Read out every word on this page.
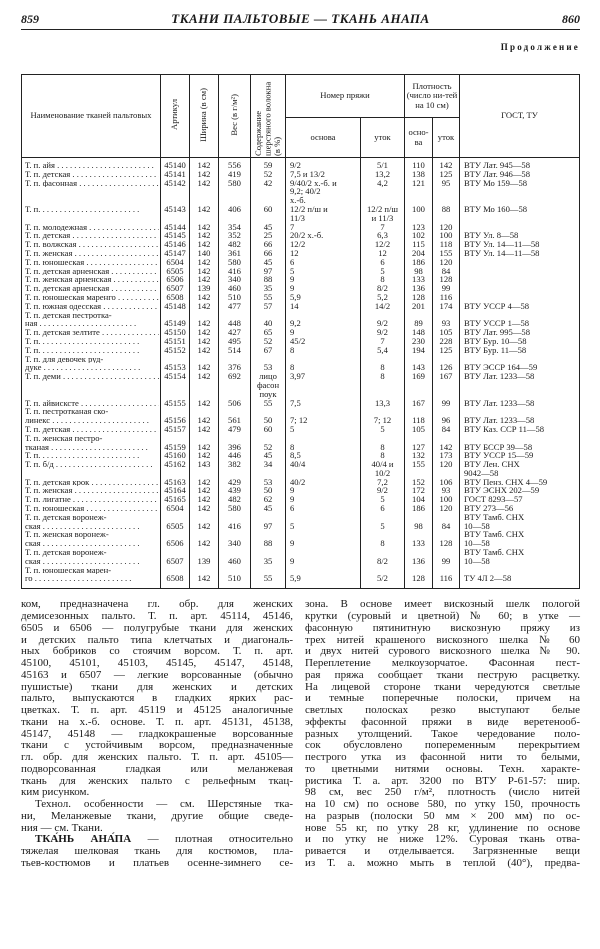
859	ТКАНИ ПАЛЬТОВЫЕ — ТКАНЬ АНАПА	860
Продолжение
Наименование тканей пальтовых	Артикул	Ширина (в см)	Вес (в г/м²)	Содержание шерстяного волокна (в %)	Номер пряжи		Плотность (число ни-тей на 10 см)		ГОСТ, ТУ
					основа	уток	осно-ва	уток	

Т. п. айя . . .	45140	142	556	59	9/2	5/1	110	142	ВТУ Лат. 945—58

Т. п. детская . . .	45141	142	419	52	7,5 и 13/2	13,2	138	125	ВТУ Лат. 946—58

Т. п. фасонная . . .	45142	142	580	42	9/40/2 х.-б. и
9,2; 40/2
х.-б.	4,2	121	95	ВТУ Мо 159—58

Т. п. . . .	45143	142	406	60	12/2 п/ш и
11/3	12/2 п/ш
и 11/3	100	88	ВТУ Мо 160—58

Т. п. молодежная . . .	45144	142	354	45	7	7	123	120	

Т. п. детская . . .	45145	142	352	25	20/2 х.-б.	6,3	102	100	ВТУ Ул. 8—58

Т. п. волжская . . .	45146	142	482	66	12/2	12/2	115	118	ВТУ Ул. 14—11—58

Т. п. женская . . .	45147	140	361	66	12	12	204	155	ВТУ Ул. 14—11—58

Т. п. юношеская . . .	6504	142	580	45	6	6	186	120	

Т. п. детская арненская . . .	6505	142	416	97	5	5	98	84	

Т. п. женская арненская . . .	6506	142	340	88	9	8	133	128	

Т. п. детская арненская . . .	6507	139	460	35	9	8/2	136	99	

Т. п. юношеская маренго . . .	6508	142	510	55	5,9	5,2	128	116	

Т. п. южная одесская . . .	45148	142	477	57	14	14/2	201	174	ВТУ УССР 4—58

Т. п. детская пестротка-
ная . . .	45149	142	448	40	9,2	9/2	89	93	ВТУ УССР 1—58

Т. п. детская зелтите . . .	45150	142	427	65	9	9/2	148	105	ВТУ Лат. 995—58

Т. п. . . .	45151	142	495	52	45/2	7	230	228	ВТУ Бур. 10—58

Т. п. . . .	45152	142	514	67	8	5,4	194	125	ВТУ Бур. 11—58

Т. п. для девочек руд-
дуке . . .	45153	142	376	53	8	8	143	126	ВТУ ЭССР 164—59

Т. п. деми . . .	45154	142	692	лицо
фасон
поук	3,97	8	169	167	ВТУ Лат. 1233—58

Т. п. айвискстe . . .	45155	142	506	55	7,5	13,3	167	99	ВТУ Лат. 1233—58

Т. п. пестротканая ско-
линекс . . .	45156	142	561	50	7; 12	7; 12	118	96	ВТУ Лат. 1233—58

Т. п. детская . . .	45157	142	479	60	5	5	105	84	ВТУ Каз. ССР 11—58

Т. п. женская пестро-
тканая . . .	45159	142	396	52	8	8	127	142	ВТУ БССР 39—58

Т. п. . . .	45160	142	446	45	8,5	8	132	173	ВТУ УССР 15—59

Т. п. б/д . . .	45162	143	382	34	40/4	40/4 и
10/2	155	120	ВТУ Лен. СНХ
9042—58

Т. п. детская крок . . .	45163	142	429	53	40/2	7,2	152	106	ВТУ Пенз. СНХ 4—59

Т. п. женская . . .	45164	142	439	50	9	9/2	172	93	ВТУ ЭСНХ 202—59

Т. п. лигатне . . .	45165	142	482	62	9	5	104	100	ГОСТ 8293—57

Т. п. юношеская . . .	6504	142	580	45	6	6	186	120	ВТУ 273—56

Т. п. детская воронеж-
ская . . .	6505	142	416	97	5	5	98	84	ВТУ Тамб. СНХ
10—58

Т. п. женская воронеж-
ская . . .	6506	142	340	88	9	8	133	128	ВТУ Тамб. СНХ
10—58

Т. п. детская воронеж-
ская . . .	6507	139	460	35	9	8/2	136	99	ВТУ Тамб. СНХ
10—58

Т. п. юношеская марен-
го . . .	6508	142	510	55	5,9	5/2	128	116	ТУ 4Л 2—58
ком, предназначена гл. обр. для женских
демисезонных пальто. Т. п. арт. 45114, 45146,
6505 и 6506 — полугрубые ткани для женских
и детских пальто типа клетчатых и диагональ-
ных бобриков со стоячим ворсом. Т. п. арт.
45100, 45101, 45103, 45145, 45147, 45148,
45163 и 6507 — легкие ворсованные (обычно
пушистые) ткани для женских и детских
пальто, выпускаются в гладких ярких рас-
цветках. Т. п. арт. 45119 и 45125 аналогичные
ткани на х.-б. основе. Т. п. арт. 45131, 45138,
45147, 45148 — гладкокрашеные ворсованные
ткани с устойчивым ворсом, предназначенные
гл. обр. для женских пальто. Т. п. арт. 45105—
подворсованная гладкая или меланжевая
ткань для женских пальто с рельефным ткац-
ким рисунком.
Технол. особенности — см. Шерстяные тка-
ни, Меланжевые ткани, другие общие сведе-
ния — см. Ткани.
ТКА́НЬ АНА́ПА — плотная относительно
тяжелая шелковая ткань для костюмов, пла-
тьев-костюмов и платьев осенне-зимнего се-
зона. В основе имеет вискозный шелк пологой
крутки (суровый и цветной) № 60; в утке —
фасонную пятинитную вискозную пряжу из
трех нитей крашеного вискозного шелка № 60
и двух нитей сурового вискозного шелка № 90.
Переплетение мелкоузорчатое. Фасонная пест-
рая пряжа сообщает ткани пеструю расцветку.
На лицевой стороне ткани чередуются светлые
и темные поперечные полоски, причем на
светлых полосках резко выступают белые
эффекты фасонной пряжи в виде веретенооб-
разных утолщений. Такое чередование поло-
сок обусловлено попеременным перекрытием
пестрого утка из фасонной нити то белыми,
то цветными нитями основы. Техн. характе-
ристика Т. а. арт. 3200 по ВТУ Р-61-57: шир.
98 см, вес 250 г/м², плотность (число нитей
на 10 см) по основе 580, по утку 150, прочность
на разрыв (полоски 50 мм × 200 мм) по ос-
нове 55 кг, по утку 28 кг, удлинение по основе
и по утку не ниже 12%. Суровая ткань отва-
ривается и отделывается. Загрязненные вещи
из Т. а. можно мыть в теплой (40°), предва-
